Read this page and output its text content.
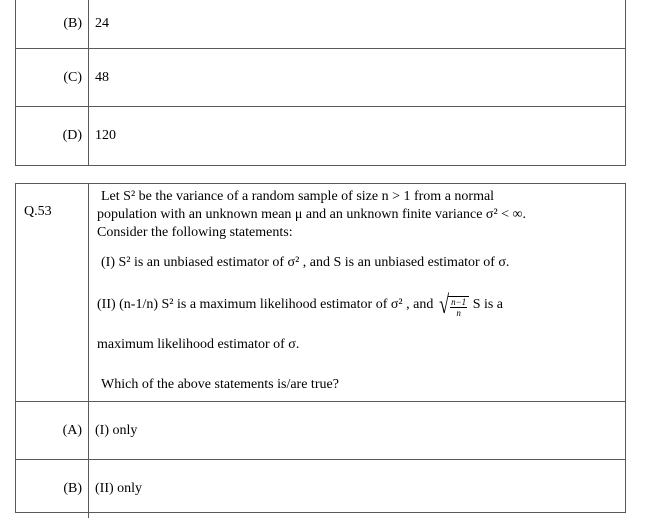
(B) 24
(C) 48
(D) 120
Q.53

Let S² be the variance of a random sample of size n > 1 from a normal

population with an unknown mean μ and an unknown finite variance σ² < ∞.

Consider the following statements:

(I) S² is an unbiased estimator of σ² , and S is an unbiased estimator of σ.

(II) (n-1/n) S² is a maximum likelihood estimator of σ² , and √ $\frac{n-1}{n}$ S is a

maximum likelihood estimator of σ.

Which of the above statements is/are true?

(A) (I) only
(B) (II) only
